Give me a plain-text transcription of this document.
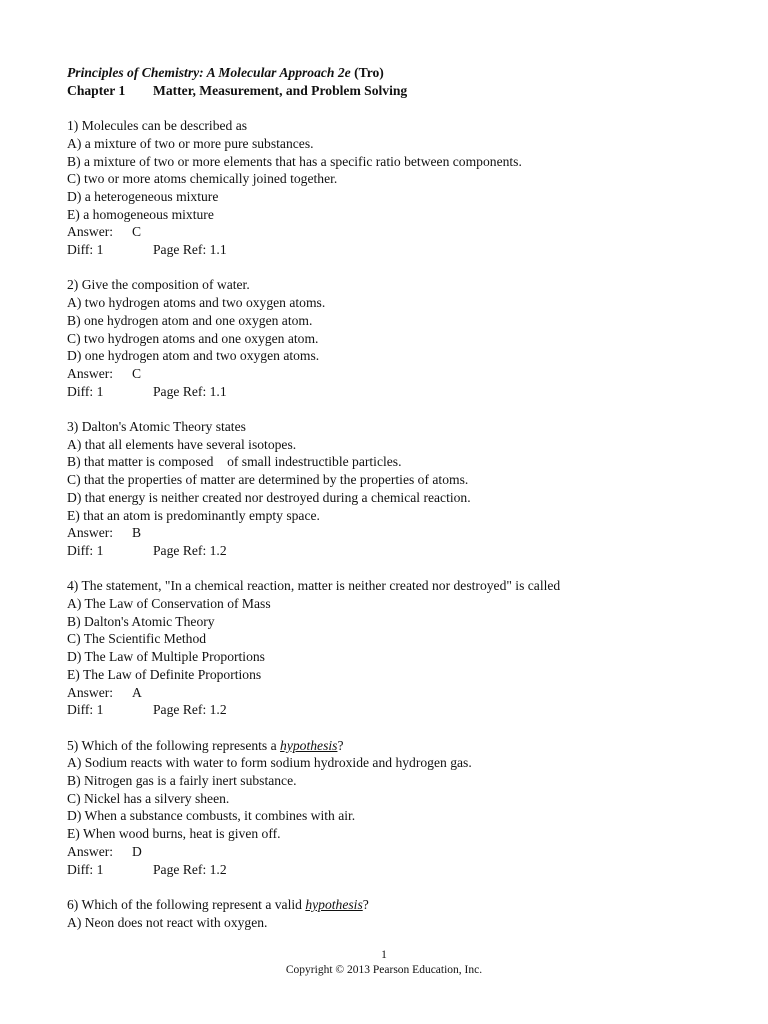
Principles of Chemistry: A Molecular Approach 2e (Tro)
Chapter 1 Matter, Measurement, and Problem Solving
1) Molecules can be described as
A) a mixture of two or more pure substances.
B) a mixture of two or more elements that has a specific ratio between components.
C) two or more atoms chemically joined together.
D) a heterogeneous mixture
E) a homogeneous mixture
Answer: C
Diff: 1	Page Ref: 1.1
2) Give the composition of water.
A) two hydrogen atoms and two oxygen atoms.
B) one hydrogen atom and one oxygen atom.
C) two hydrogen atoms and one oxygen atom.
D) one hydrogen atom and two oxygen atoms.
Answer: C
Diff: 1	Page Ref: 1.1
3) Dalton's Atomic Theory states
A) that all elements have several isotopes.
B) that matter is composed    of small indestructible particles.
C) that the properties of matter are determined by the properties of atoms.
D) that energy is neither created nor destroyed during a chemical reaction.
E) that an atom is predominantly empty space.
Answer: B
Diff: 1	Page Ref: 1.2
4) The statement, "In a chemical reaction, matter is neither created nor destroyed" is called
A) The Law of Conservation of Mass
B) Dalton's Atomic Theory
C) The Scientific Method
D) The Law of Multiple Proportions
E) The Law of Definite Proportions
Answer: A
Diff: 1	Page Ref: 1.2
5) Which of the following represents a hypothesis?
A) Sodium reacts with water to form sodium hydroxide and hydrogen gas.
B) Nitrogen gas is a fairly inert substance.
C) Nickel has a silvery sheen.
D) When a substance combusts, it combines with air.
E) When wood burns, heat is given off.
Answer: D
Diff: 1	Page Ref: 1.2
6) Which of the following represent a valid hypothesis?
A) Neon does not react with oxygen.
1
Copyright © 2013 Pearson Education, Inc.
